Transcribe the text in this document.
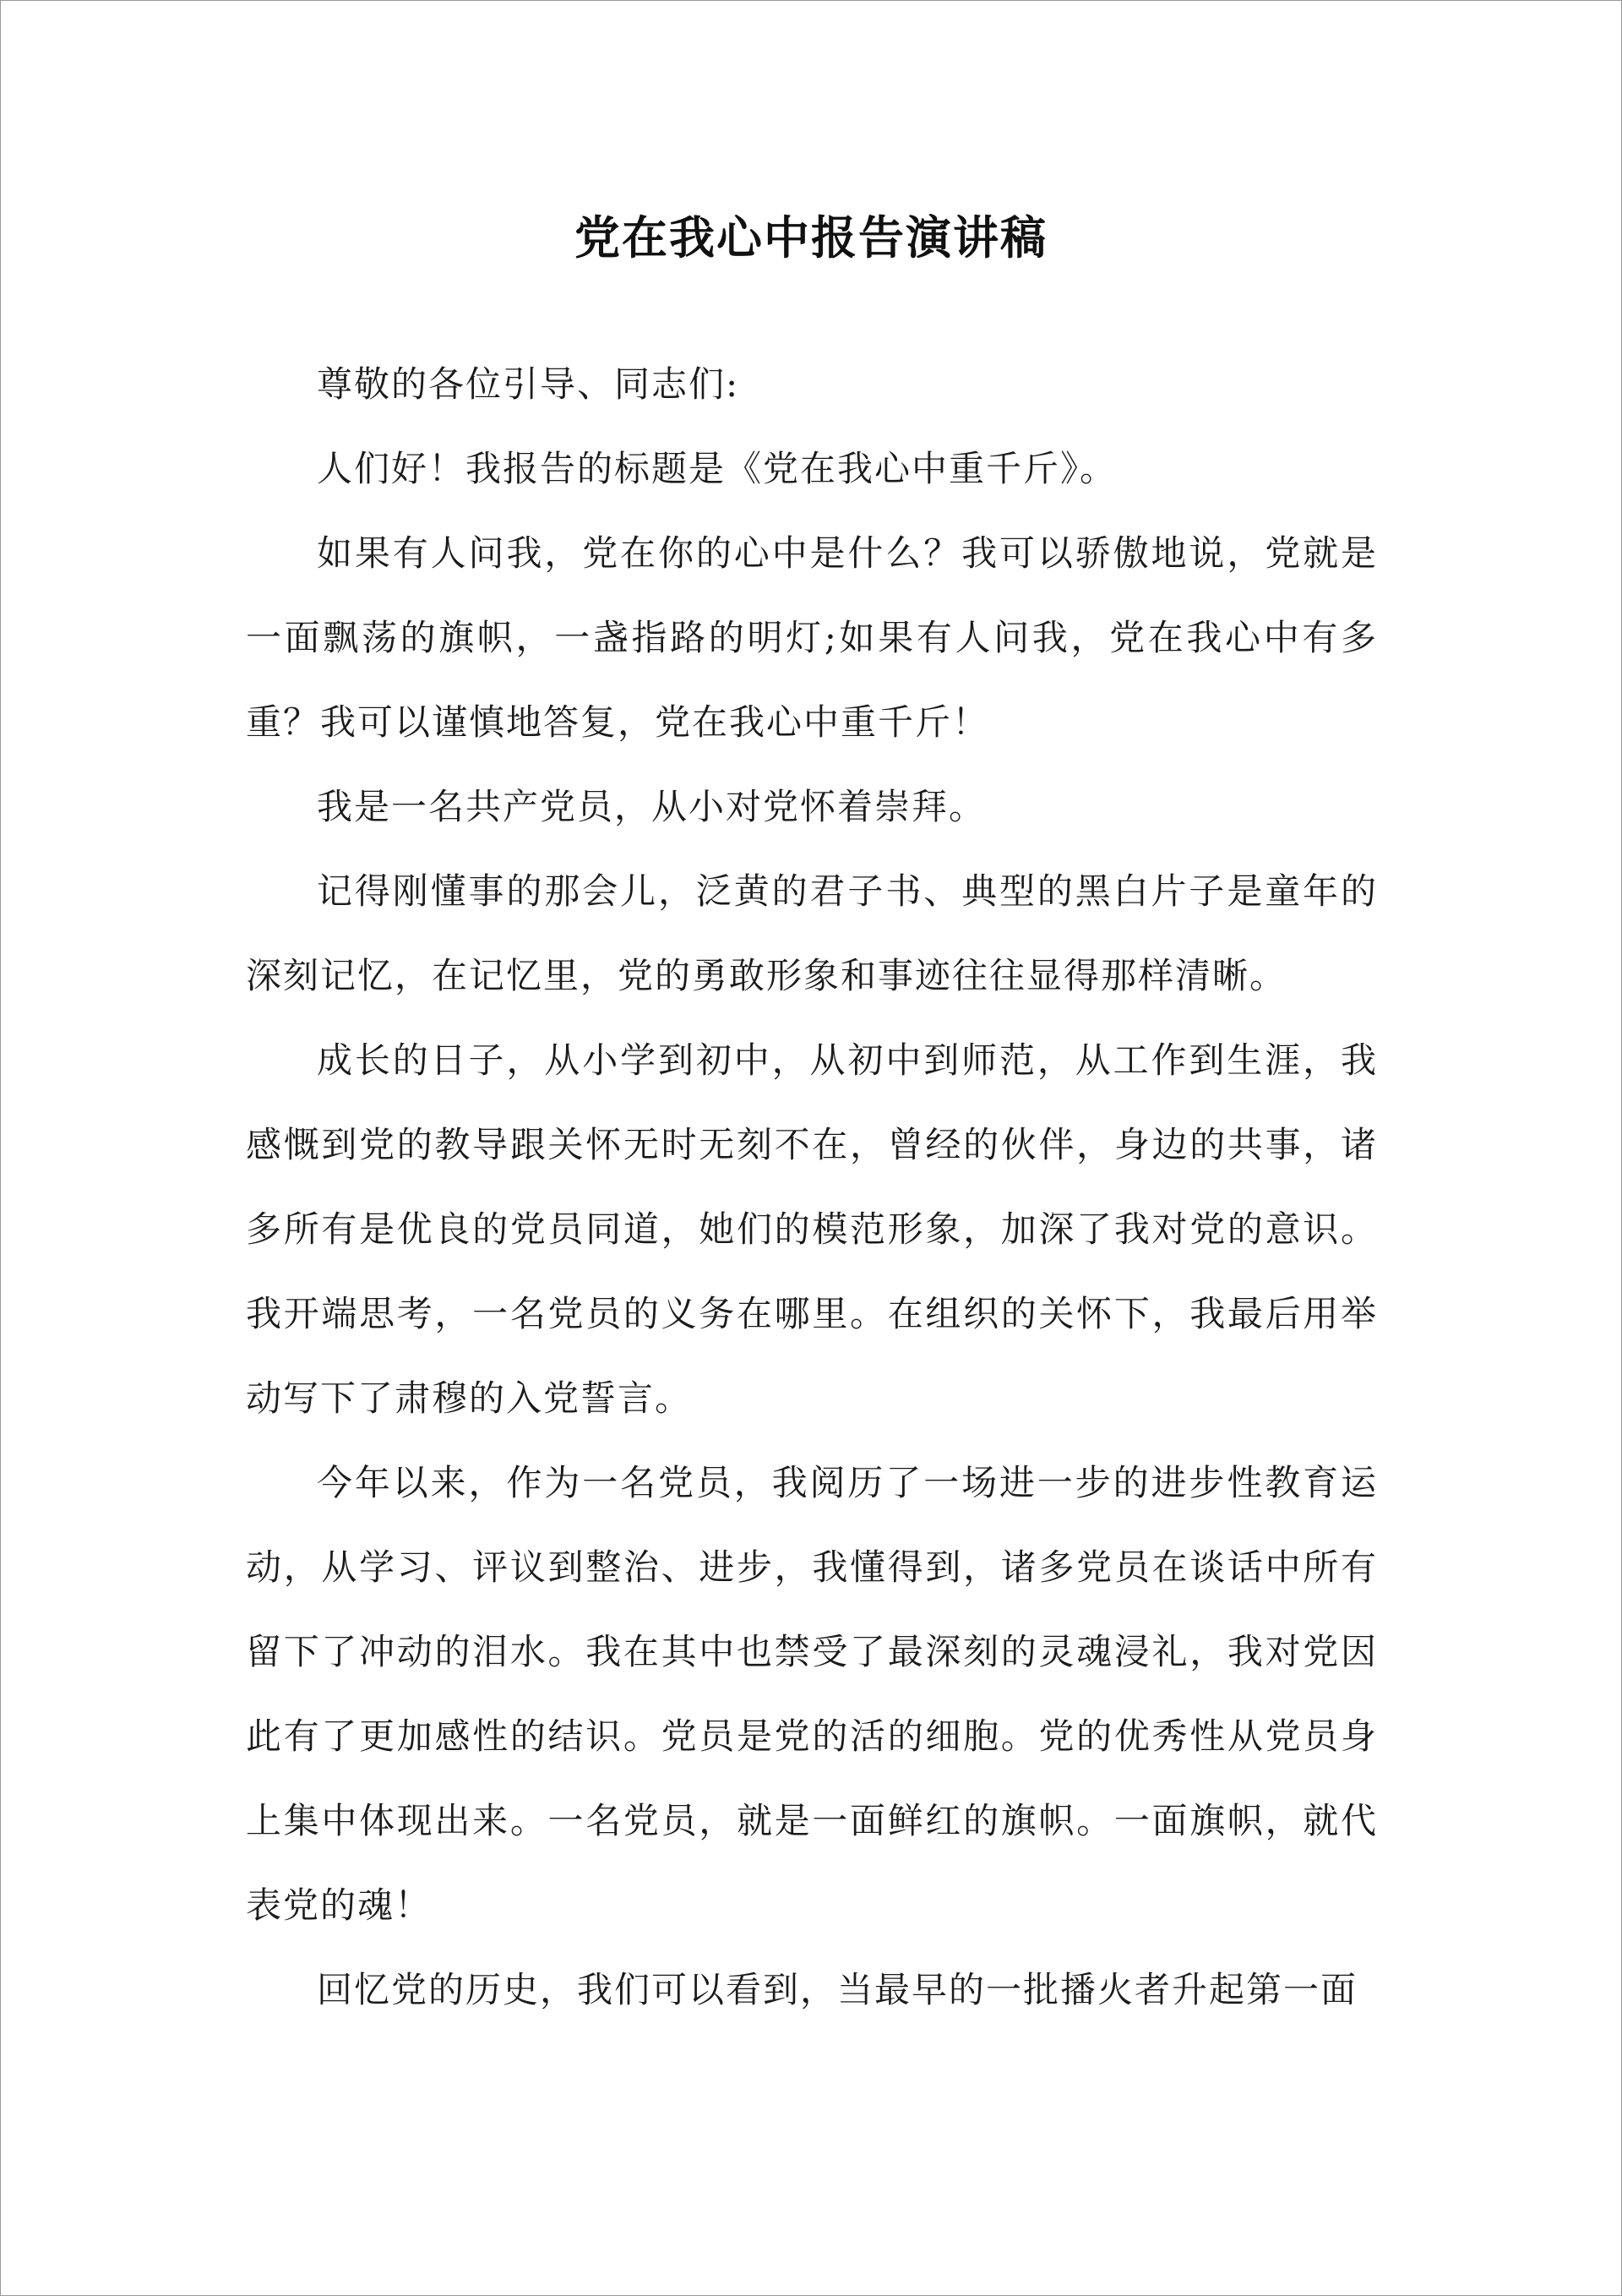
党在我心中报告演讲稿

尊敬的各位引导、同志们:

人们好！我报告的标题是《党在我心中重千斤》。

如果有人问我，党在你的心中是什么？我可以骄傲地说，党就是一面飘荡的旗帜，一盏指路的明灯;如果有人问我，党在我心中有多重？我可以谨慎地答复，党在我心中重千斤！

我是一名共产党员，从小对党怀着崇拜。

记得刚懂事的那会儿，泛黄的君子书、典型的黑白片子是童年的深刻记忆，在记忆里，党的勇敢形象和事迹往往显得那样清晰。

成长的日子，从小学到初中，从初中到师范，从工作到生涯，我感慨到党的教导跟关怀无时无刻不在，曾经的伙伴，身边的共事，诸多所有是优良的党员同道，她们的模范形象，加深了我对党的意识。我开端思考，一名党员的义务在哪里。在组织的关怀下，我最后用举动写下了肃穆的入党誓言。

今年以来，作为一名党员，我阅历了一场进一步的进步性教育运动，从学习、评议到整治、进步，我懂得到，诸多党员在谈话中所有留下了冲动的泪水。我在其中也禁受了最深刻的灵魂浸礼，我对党因此有了更加感性的结识。党员是党的活的细胞。党的优秀性从党员身上集中体现出来。一名党员，就是一面鲜红的旗帜。一面旗帜，就代表党的魂！

回忆党的历史，我们可以看到，当最早的一批播火者升起第一面
